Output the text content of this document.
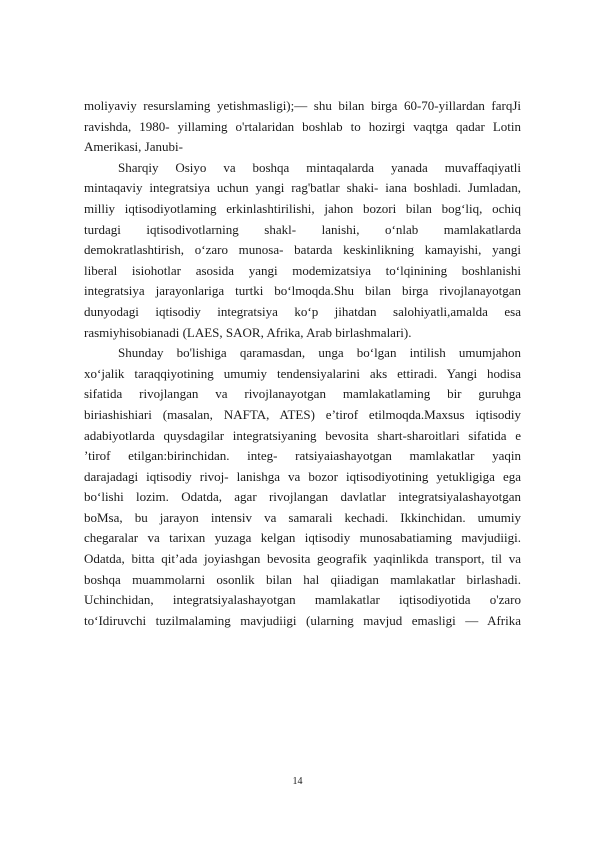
moliyaviy resurslaming yetishmasligi);— shu bilan birga 60-70-yillardan farqJi
ravishda, 1980- yillaming o'rtalaridan boshlab to hozirgi vaqtga qadar Lotin
Amerikasi, Janubi-
Sharqiy Osiyo va boshqa mintaqalarda yanada muvaffaqiyatli
mintaqaviy integratsiya uchun yangi rag'batlar shaki- iana boshladi. Jumladan,
milliy iqtisodiyotlaming erkinlashtirilishi, jahon bozori bilan bog‘liq, ochiq
turdagi iqtisodivotlarning shakl- lanishi, o‘nlab mamlakatlarda
demokratlashtirish, o‘zaro munosa- batarda keskinlikning kamayishi, yangi
liberal isiohotlar asosida yangi modemizatsiya to‘lqinining boshlanishi
integratsiya jarayonlariga turtki bo‘lmoqda.Shu bilan birga rivojlanayotgan
dunyodagi iqtisodiy integratsiya ko‘p jihatdan salohiyatli,amalda esa
rasmiyhisobianadi (LAES, SAOR, Afrika, Arab birlashmalari).
Shunday bo'lishiga qaramasdan, unga bo‘lgan intilish umumjahon
xo‘jalik taraqqiyotining umumiy tendensiyalarini aks ettiradi. Yangi hodisa
sifatida rivojlangan va rivojlanayotgan mamlakatlaming bir guruhga
biriashishiari (masalan, NAFTA, ATES) e’tirof etilmoqda.Maxsus iqtisodiy
adabiyotlarda quysdagilar integratsiyaning bevosita shart-sharoitlari sifatida e
’tirof etilgan:birinchidan. integ- ratsiyaiashayotgan mamlakatlar yaqin
darajadagi iqtisodiy rivoj- lanishga va bozor iqtisodiyotining yetukligiga ega
bo‘lishi lozim. Odatda, agar rivojlangan davlatlar integratsiyalashayotgan
boMsa, bu jarayon intensiv va samarali kechadi. Ikkinchidan. umumiy
chegaralar va tarixan yuzaga kelgan iqtisodiy munosabatiaming mavjudiigi.
Odatda, bitta qit’ada joyiashgan bevosita geografik yaqinlikda transport, til va
boshqa muammolarni osonlik bilan hal qiiadigan mamlakatlar birlashadi.
Uchinchidan, integratsiyalashayotgan mamlakatlar iqtisodiyotida o'zaro
to‘Idiruvchi tuzilmalaming mavjudiigi (ularning mavjud emasligi — Afrika
14
